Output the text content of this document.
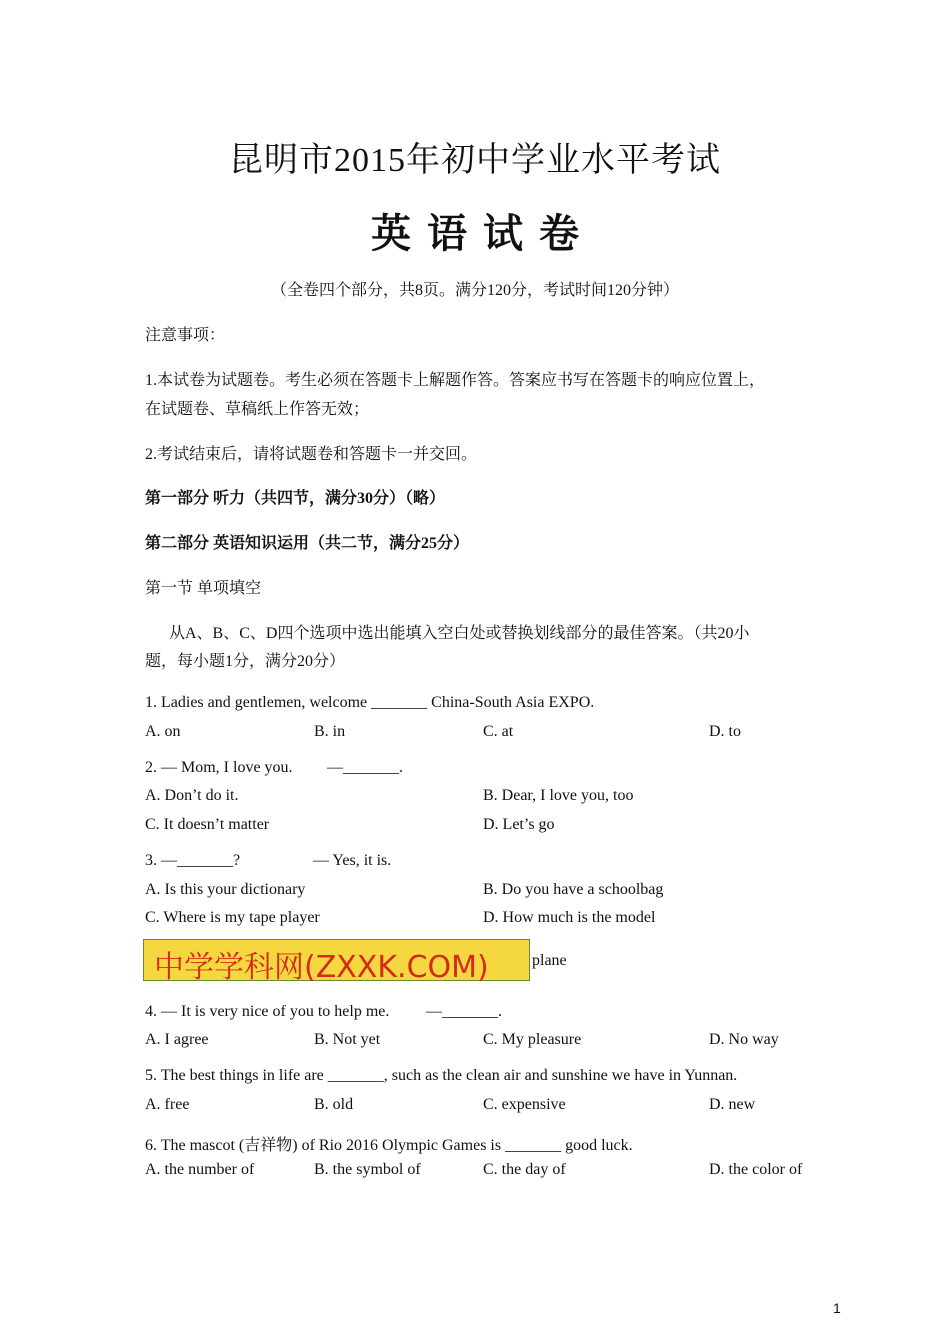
昆明市2015年初中学业水平考试
英语试卷
（全卷四个部分，共8页。满分120分，考试时间120分钟）
注意事项：
1.本试卷为试题卷。考生必须在答题卡上解题作答。答案应书写在答题卡的响应位置上，
在试题卷、草稿纸上作答无效；
2.考试结束后，请将试题卷和答题卡一并交回。
第一部分 听力（共四节，满分30分）（略）
第二部分 英语知识运用（共二节，满分25分）
第一节 单项填空
从A、B、C、D四个选项中选出能填入空白处或替换划线部分的最佳答案。（共20小
题，每小题1分，满分20分）
1. Ladies and gentlemen, welcome _______ China-South Asia EXPO.
A. on	B. in	C. at	D. to
2. — Mom, I love you. —_______.
A. Don’t do it.	B. Dear, I love you, too
C. It doesn’t matter	D. Let’s go
3. —_______?	— Yes, it is.
A. Is this your dictionary	B. Do you have a schoolbag
C. Where is my tape player	D. How much is the model
plane
中学学科网(ZXXK.COM)
4. — It is very nice of you to help me. —_______.
A. I agree	B. Not yet	C. My pleasure	D. No way
5. The best things in life are _______, such as the clean air and sunshine we have in Yunnan.
A. free	B. old	C. expensive	D. new
6. The mascot (吉祥物) of Rio 2016 Olympic Games is _______ good luck.
A. the number of	B. the symbol of	C. the day of	D. the color of
1
